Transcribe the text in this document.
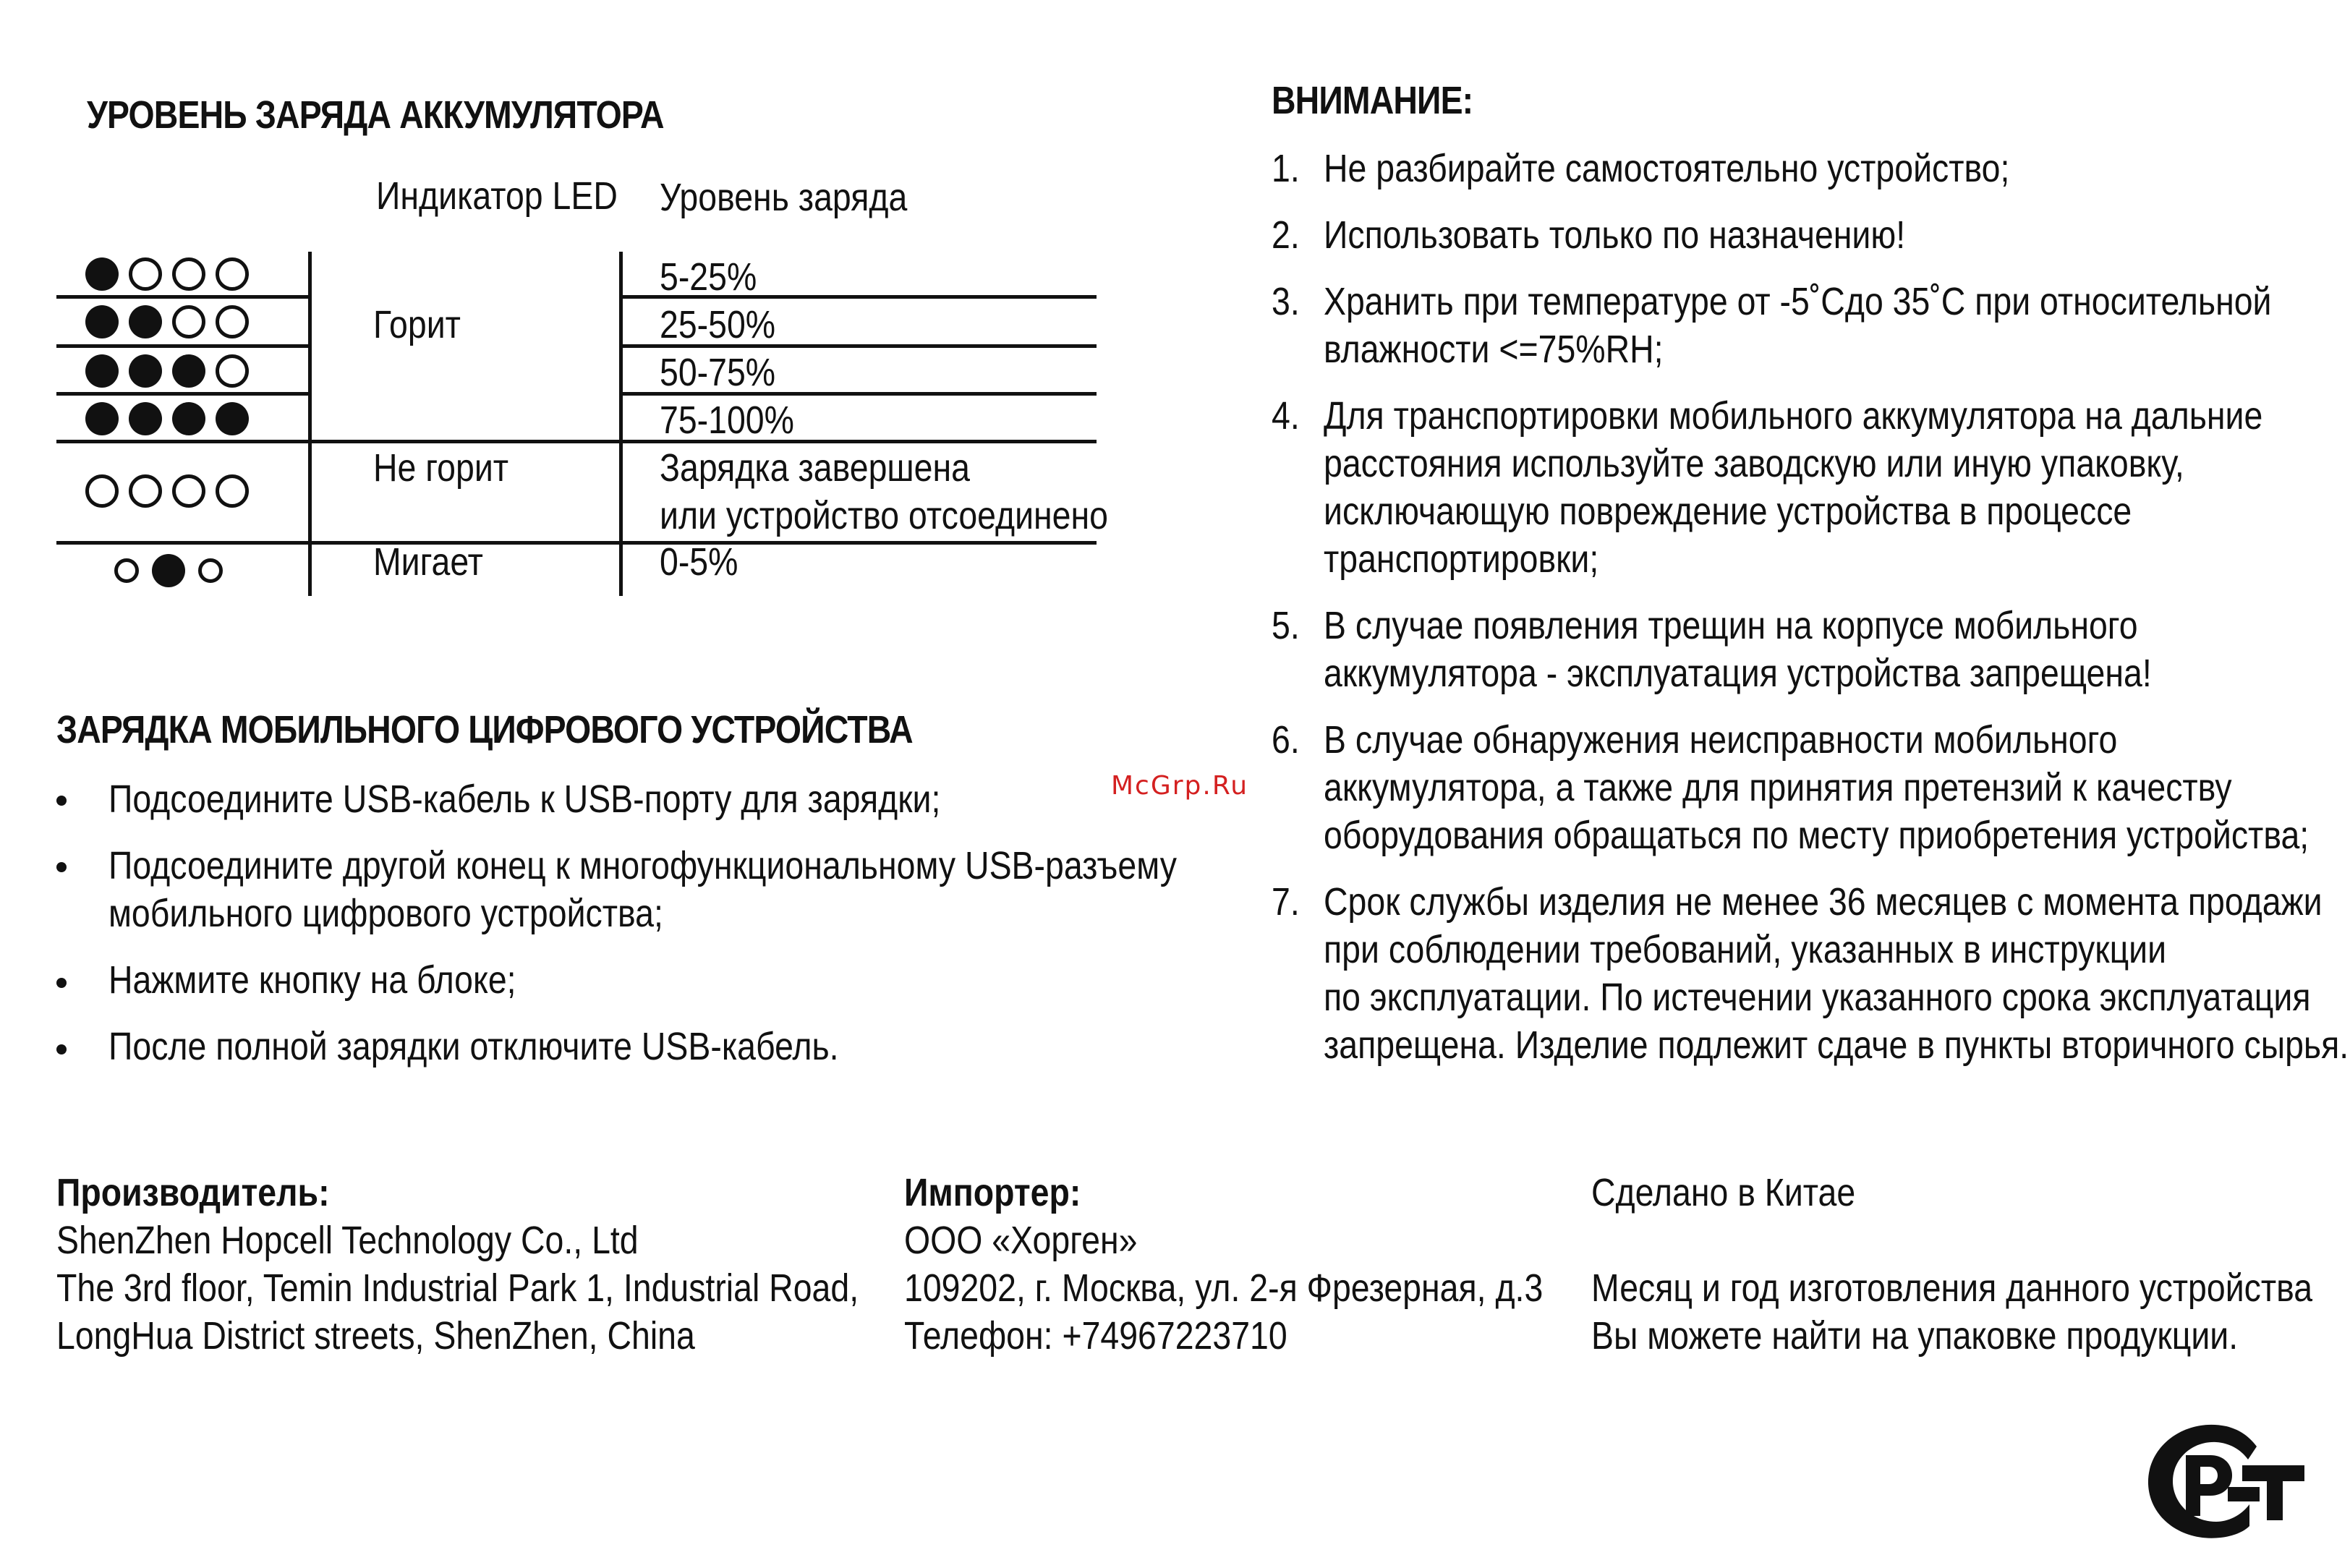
УРОВЕНЬ ЗАРЯДА АККУМУЛЯТОРА
Индикатор LED Уровень заряда
Горит
Не горит
Мигает
5-25%
25-50%
50-75%
75-100%
Зарядка завершена
или устройство отсоединено
0-5%
ЗАРЯДКА МОБИЛЬНОГО ЦИФРОВОГО УСТРОЙСТВА
Подсоедините USB-кабель к USB-порту для зарядки;
Подсоедините другой конец к многофункциональному USB-разъему
мобильного цифрового устройства;
Нажмите кнопку на блоке;
После полной зарядки отключите USB-кабель.
ВНИМАНИЕ:
1. Не разбирайте самостоятельно устройство;
2. Использовать только по назначению!
3. Хранить при температуре от -5˚Сдо 35˚С при относительной
влажности <=75%RH;
4. Для транспортировки мобильного аккумулятора на дальние
расстояния используйте заводскую или иную упаковку,
исключающую повреждение устройства в процессе
транспортировки;
5. В случае появления трещин на корпусе мобильного
аккумулятора - эксплуатация устройства запрещена!
6. В случае обнаружения неисправности мобильного
аккумулятора, а также для принятия претензий к качеству
оборудования обращаться по месту приобретения устройства;
7. Срок службы изделия не менее 36 месяцев с момента продажи
при соблюдении требований, указанных в инструкции
по эксплуатации. По истечении указанного срока эксплуатация
запрещена. Изделие подлежит сдаче в пункты вторичного сырья.
McGrp.Ru
Производитель:
ShenZhen Hopcell Technology Co., Ltd
The 3rd floor, Temin Industrial Park 1, Industrial Road,
LongHua District streets, ShenZhen, China
Импортер:
ООО «Хорген»
109202, г. Москва, ул. 2-я Фрезерная, д.3
Телефон: +74967223710
Сделано в Китае
Месяц и год изготовления данного устройства
Вы можете найти на упаковке продукции.
